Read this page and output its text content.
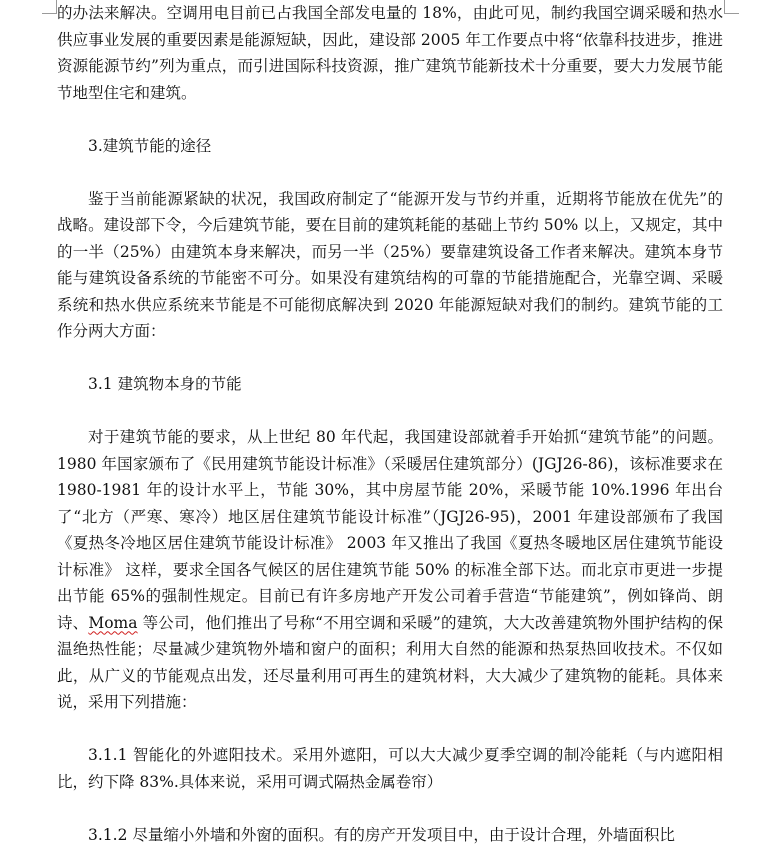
的办法来解决。空调用电目前已占我国全部发电量的 18%，由此可见，制约我国空调采暖和热水供应事业发展的重要因素是能源短缺，因此，建设部 2005 年工作要点中将“依靠科技进步，推进资源能源节约”列为重点，而引进国际科技资源，推广建筑节能新技术十分重要，要大力发展节能节地型住宅和建筑。

3.建筑节能的途径

鉴于当前能源紧缺的状况，我国政府制定了“能源开发与节约并重，近期将节能放在优先”的战略。建设部下令，今后建筑节能，要在目前的建筑耗能的基础上节约 50% 以上，又规定，其中的一半（25%）由建筑本身来解决，而另一半（25%）要靠建筑设备工作者来解决。建筑本身节能与建筑设备系统的节能密不可分。如果没有建筑结构的可靠的节能措施配合，光靠空调、采暖系统和热水供应系统来节能是不可能彻底解决到 2020 年能源短缺对我们的制约。建筑节能的工作分两大方面：

3.1 建筑物本身的节能

对于建筑节能的要求，从上世纪 80 年代起，我国建设部就着手开始抓“建筑节能”的问题。1980 年国家颁布了《民用建筑节能设计标准》（采暖居住建筑部分）(JGJ26-86)，该标准要求在 1980-1981 年的设计水平上，节能 30%，其中房屋节能 20%，采暖节能 10%.1996 年出台了“北方（严寒、寒冷）地区居住建筑节能设计标准”（JGJ26-95)，2001 年建设部颁布了我国《夏热冬冷地区居住建筑节能设计标准》 2003 年又推出了我国《夏热冬暖地区居住建筑节能设计标准》 这样，要求全国各气候区的居住建筑节能 50% 的标准全部下达。而北京市更进一步提出节能 65%的强制性规定。目前已有许多房地产开发公司着手营造“节能建筑”，例如锋尚、朗诗、Moma 等公司，他们推出了号称“不用空调和采暖”的建筑，大大改善建筑物外围护结构的保温绝热性能；尽量减少建筑物外墙和窗户的面积；利用大自然的能源和热泵热回收技术。不仅如此，从广义的节能观点出发，还尽量利用可再生的建筑材料，大大减少了建筑物的能耗。具体来说，采用下列措施：

3.1.1 智能化的外遮阳技术。采用外遮阳，可以大大减少夏季空调的制冷能耗（与内遮阳相比，约下降 83%.具体来说，采用可调式隔热金属卷帘）

3.1.2 尽量缩小外墙和外窗的面积。有的房产开发项目中，由于设计合理，外墙面积比
